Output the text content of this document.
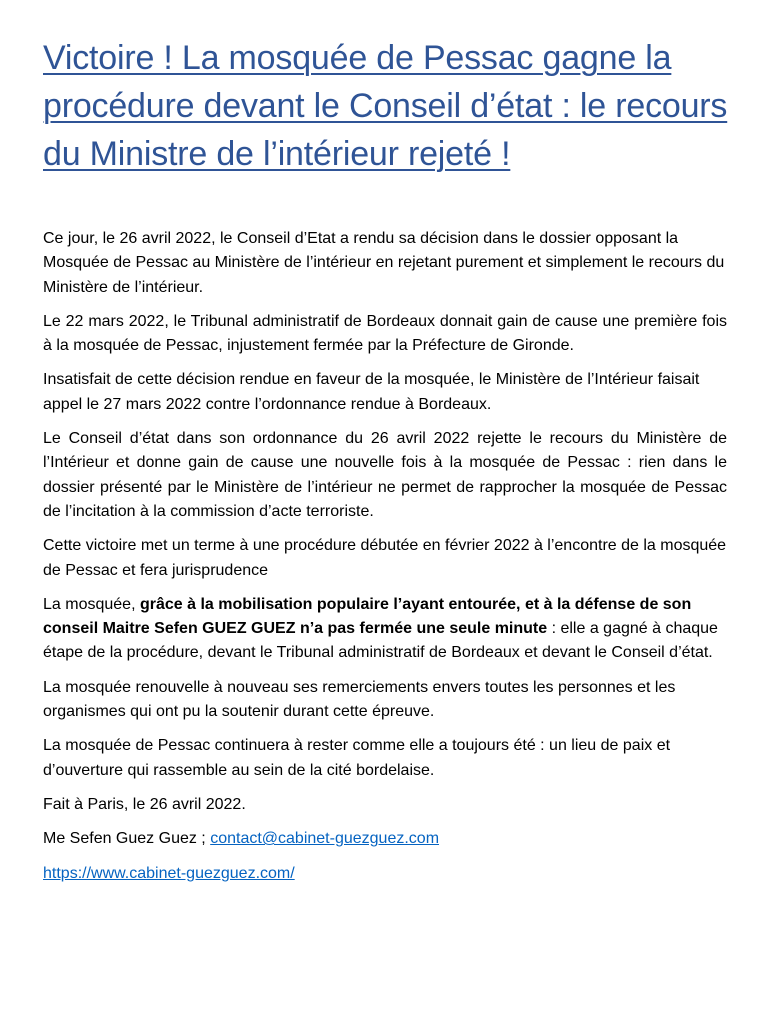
Victoire ! La mosquée de Pessac gagne la procédure devant le Conseil d’état : le recours du Ministre de l’intérieur rejeté !

Ce jour, le 26 avril 2022, le Conseil d’Etat a rendu sa décision dans le dossier opposant la Mosquée de Pessac au Ministère de l’intérieur en rejetant purement et simplement le recours du Ministère de l’intérieur.

Le 22 mars 2022, le Tribunal administratif de Bordeaux donnait gain de cause une première fois à la mosquée de Pessac, injustement fermée par la Préfecture de Gironde.

Insatisfait de cette décision rendue en faveur de la mosquée, le Ministère de l’Intérieur faisait appel le 27 mars 2022 contre l’ordonnance rendue à Bordeaux.

Le Conseil d’état dans son ordonnance du 26 avril 2022 rejette le recours du Ministère de l’Intérieur et donne gain de cause une nouvelle fois à la mosquée de Pessac : rien dans le dossier présenté par le Ministère de l’intérieur ne permet de rapprocher la mosquée de Pessac de l’incitation à la commission d’acte terroriste.

Cette victoire met un terme à une procédure débutée en février 2022 à l’encontre de la mosquée de Pessac et fera jurisprudence

La mosquée, grâce à la mobilisation populaire l’ayant entourée, et à la défense de son conseil Maitre Sefen GUEZ GUEZ n’a pas fermée une seule minute : elle a gagné à chaque étape de la procédure, devant le Tribunal administratif de Bordeaux et devant le Conseil d’état.

La mosquée renouvelle à nouveau ses remerciements envers toutes les personnes et les organismes qui ont pu la soutenir durant cette épreuve.

La mosquée de Pessac continuera à rester comme elle a toujours été : un lieu de paix et d’ouverture qui rassemble au sein de la cité bordelaise.

Fait à Paris, le 26 avril 2022.

Me Sefen Guez Guez ; contact@cabinet-guezguez.com

https://www.cabinet-guezguez.com/
